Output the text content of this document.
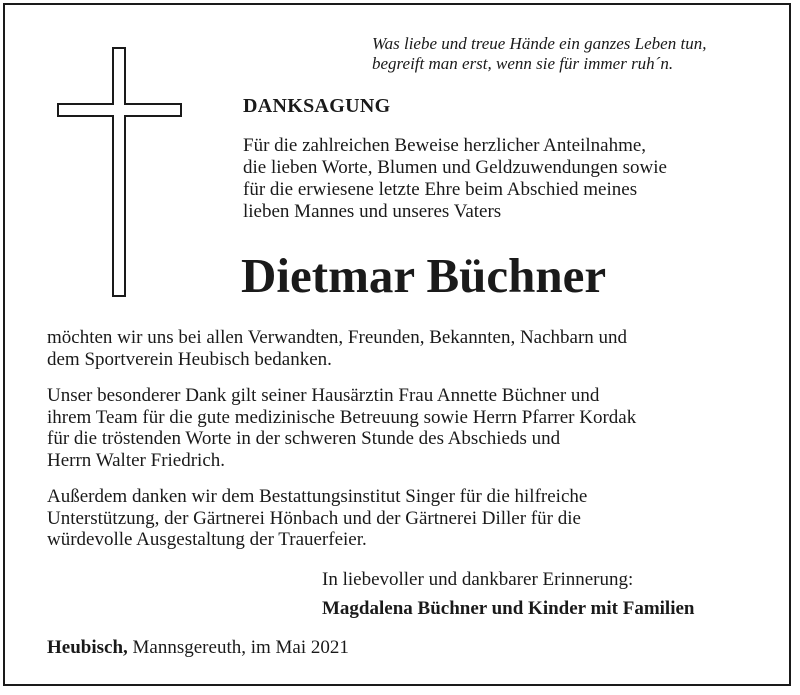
Was liebe und treue Hände ein ganzes Leben tun,
begreift man erst, wenn sie für immer ruh´n.

DANKSAGUNG

Für die zahlreichen Beweise herzlicher Anteilnahme,
die lieben Worte, Blumen und Geldzuwendungen sowie
für die erwiesene letzte Ehre beim Abschied meines
lieben Mannes und unseres Vaters

Dietmar Büchner

möchten wir uns bei allen Verwandten, Freunden, Bekannten, Nachbarn und
dem Sportverein Heubisch bedanken.

Unser besonderer Dank gilt seiner Hausärztin Frau Annette Büchner und
ihrem Team für die gute medizinische Betreuung sowie Herrn Pfarrer Kordak
für die tröstenden Worte in der schweren Stunde des Abschieds und
Herrn Walter Friedrich.

Außerdem danken wir dem Bestattungsinstitut Singer für die hilfreiche
Unterstützung, der Gärtnerei Hönbach und der Gärtnerei Diller für die
würdevolle Ausgestaltung der Trauerfeier.

In liebevoller und dankbarer Erinnerung:

Magdalena Büchner und Kinder mit Familien

Heubisch, Mannsgereuth, im Mai 2021
